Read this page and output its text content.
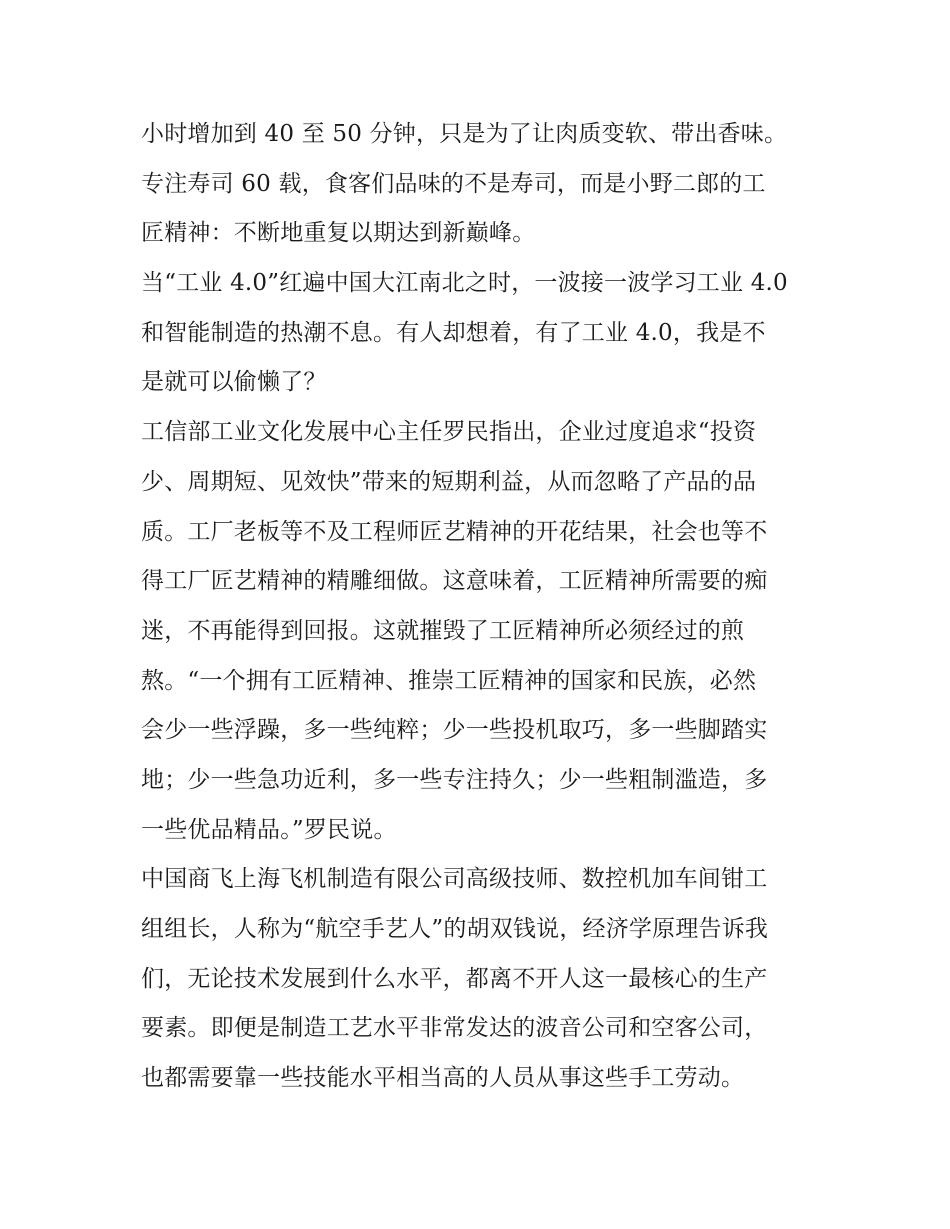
小时增加到 40 至 50 分钟，只是为了让肉质变软、带出香味。
专注寿司 60 载，食客们品味的不是寿司，而是小野二郎的工
匠精神：不断地重复以期达到新巅峰。
当“工业 4.0”红遍中国大江南北之时，一波接一波学习工业 4.0
和智能制造的热潮不息。有人却想着，有了工业 4.0，我是不
是就可以偷懒了？
工信部工业文化发展中心主任罗民指出，企业过度追求“投资
少、周期短、见效快”带来的短期利益，从而忽略了产品的品
质。工厂老板等不及工程师匠艺精神的开花结果，社会也等不
得工厂匠艺精神的精雕细做。这意味着，工匠精神所需要的痴
迷，不再能得到回报。这就摧毁了工匠精神所必须经过的煎
熬。“一个拥有工匠精神、推崇工匠精神的国家和民族，必然
会少一些浮躁，多一些纯粹；少一些投机取巧，多一些脚踏实
地；少一些急功近利，多一些专注持久；少一些粗制滥造，多
一些优品精品。”罗民说。
中国商飞上海飞机制造有限公司高级技师、数控机加车间钳工
组组长，人称为“航空手艺人”的胡双钱说，经济学原理告诉我
们，无论技术发展到什么水平，都离不开人这一最核心的生产
要素。即便是制造工艺水平非常发达的波音公司和空客公司，
也都需要靠一些技能水平相当高的人员从事这些手工劳动。
